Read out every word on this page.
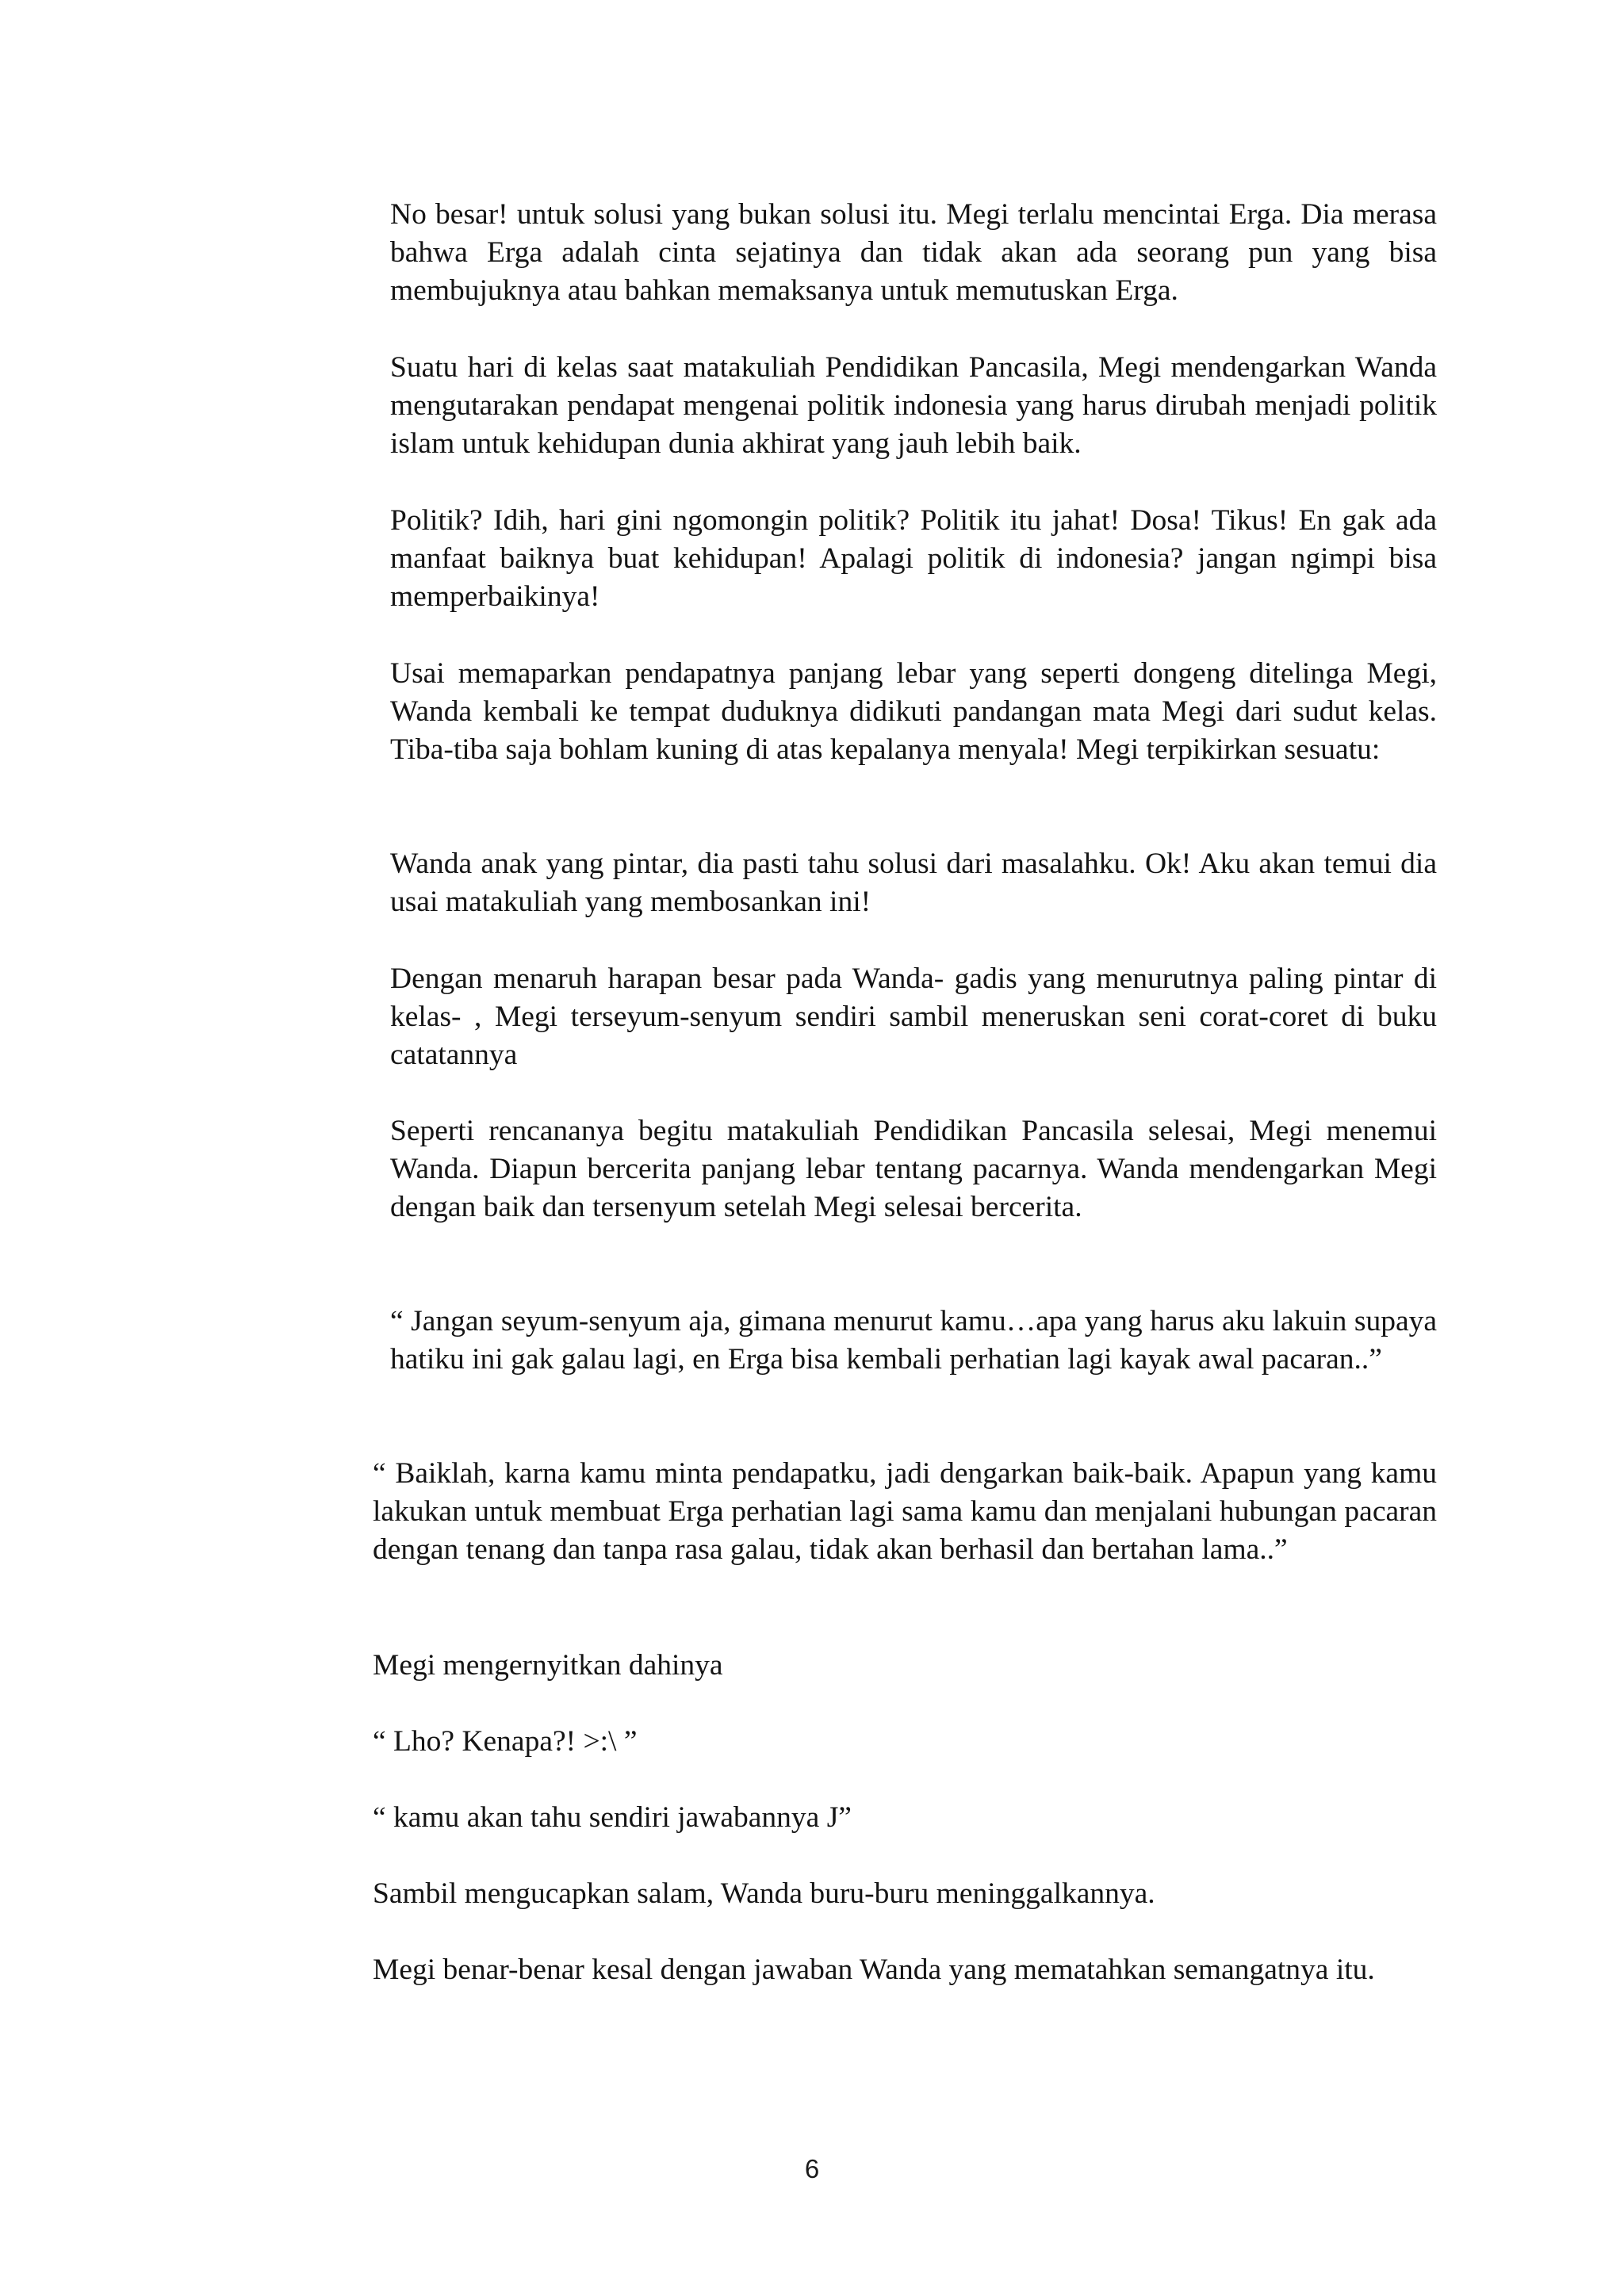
No besar! untuk solusi yang bukan solusi itu. Megi terlalu mencintai Erga. Dia merasa bahwa Erga adalah cinta sejatinya dan tidak akan ada seorang pun yang bisa membujuknya atau bahkan memaksanya untuk memutuskan Erga.

Suatu hari di kelas saat matakuliah Pendidikan Pancasila, Megi mendengarkan Wanda mengutarakan pendapat mengenai politik indonesia yang harus dirubah menjadi politik islam untuk kehidupan dunia akhirat yang jauh lebih baik.

Politik? Idih, hari gini ngomongin politik? Politik itu jahat! Dosa! Tikus! En gak ada manfaat baiknya buat kehidupan! Apalagi politik di indonesia? jangan ngimpi bisa memperbaikinya!

Usai memaparkan pendapatnya panjang lebar yang seperti dongeng ditelinga Megi, Wanda kembali ke tempat duduknya didikuti pandangan mata Megi dari sudut kelas. Tiba-tiba saja bohlam kuning di atas kepalanya menyala! Megi terpikirkan sesuatu:

Wanda anak yang pintar, dia pasti tahu solusi dari masalahku. Ok! Aku akan temui dia usai matakuliah yang membosankan ini!

Dengan menaruh harapan besar pada Wanda- gadis yang menurutnya paling pintar di kelas- , Megi terseyum-senyum sendiri sambil meneruskan seni corat-coret di buku catatannya

Seperti rencananya begitu matakuliah Pendidikan Pancasila selesai, Megi menemui Wanda. Diapun bercerita panjang lebar tentang pacarnya. Wanda mendengarkan Megi dengan baik dan tersenyum setelah Megi selesai bercerita.

“ Jangan seyum-senyum aja, gimana menurut kamu…apa yang harus aku lakuin supaya hatiku ini gak galau lagi, en Erga bisa kembali perhatian lagi kayak awal pacaran..”

“ Baiklah, karna kamu minta pendapatku, jadi dengarkan baik-baik. Apapun yang kamu lakukan untuk membuat Erga perhatian lagi sama kamu dan menjalani hubungan pacaran dengan tenang dan tanpa rasa galau, tidak akan berhasil dan bertahan lama..”

Megi mengernyitkan dahinya

“ Lho? Kenapa?! >:\ ”

“ kamu akan tahu sendiri jawabannya J”

Sambil mengucapkan salam, Wanda buru-buru meninggalkannya.

Megi benar-benar kesal dengan jawaban Wanda yang mematahkan semangatnya itu.

6
